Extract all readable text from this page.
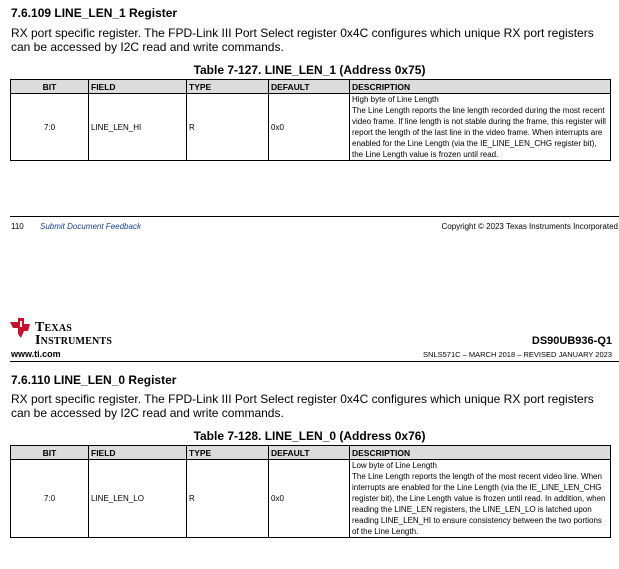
7.6.109 LINE_LEN_1 Register
RX port specific register. The FPD-Link III Port Select register 0x4C configures which unique RX port registers can be accessed by I2C read and write commands.
Table 7-127. LINE_LEN_1 (Address 0x75)
BIT	FIELD	TYPE	DEFAULT	DESCRIPTION
7:0	LINE_LEN_HI	R	0x0	High byte of Line Length
The Line Length reports the line length recorded during the most recent video frame. If line length is not stable during the frame, this register will report the length of the last line in the video frame. When interrupts are enabled for the Line Length (via the IE_LINE_LEN_CHG register bit), the Line Length value is frozen until read.
110 Submit Document Feedback	Copyright © 2023 Texas Instruments Incorporated
TEXAS
INSTRUMENTS
www.ti.com
DS90UB936-Q1
SNLS571C – MARCH 2018 – REVISED JANUARY 2023
7.6.110 LINE_LEN_0 Register
RX port specific register. The FPD-Link III Port Select register 0x4C configures which unique RX port registers can be accessed by I2C read and write commands.
Table 7-128. LINE_LEN_0 (Address 0x76)
BIT	FIELD	TYPE	DEFAULT	DESCRIPTION
7:0	LINE_LEN_LO	R	0x0	Low byte of Line Length
The Line Length reports the length of the most recent video line. When interrupts are enabled for the Line Length (via the IE_LINE_LEN_CHG register bit), the Line Length value is frozen until read. In addition, when reading the LINE_LEN registers, the LINE_LEN_LO is latched upon reading LINE_LEN_HI to ensure consistency between the two portions of the Line Length.
